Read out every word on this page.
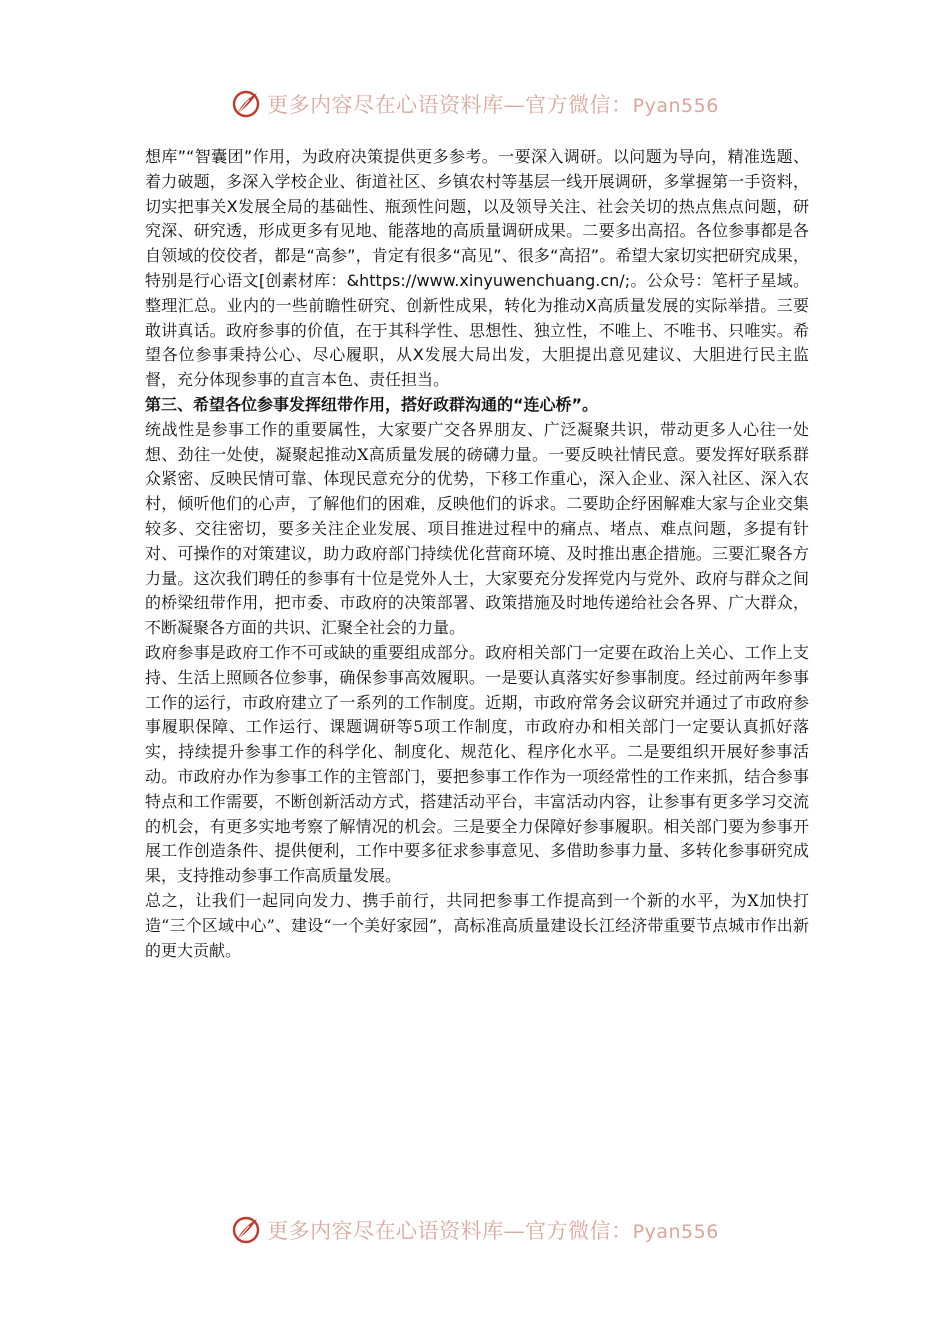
更多内容尽在心语资料库—官方微信：Pyan556

想库”“智囊团”作用，为政府决策提供更多参考。一要深入调研。以问题为导向，精准选题、着力破题，多深入学校企业、街道社区、乡镇农村等基层一线开展调研，多掌握第一手资料，切实把事关X发展全局的基础性、瓶颈性问题，以及领导关注、社会关切的热点焦点问题，研究深、研究透，形成更多有见地、能落地的高质量调研成果。二要多出高招。各位参事都是各自领域的佼佼者，都是“高参”，肯定有很多“高见”、很多“高招”。希望大家切实把研究成果，特别是行心语文[创素材库：&https://www.xinyuwenchuang.cn/;。公众号：笔杆子星域。整理汇总。业内的一些前瞻性研究、创新性成果，转化为推动X高质量发展的实际举措。三要敢讲真话。政府参事的价值，在于其科学性、思想性、独立性，不唯上、不唯书、只唯实。希望各位参事秉持公心、尽心履职，从X发展大局出发，大胆提出意见建议、大胆进行民主监督，充分体现参事的直言本色、责任担当。

第三、希望各位参事发挥纽带作用，搭好政群沟通的“连心桥”。

统战性是参事工作的重要属性，大家要广交各界朋友、广泛凝聚共识，带动更多人心往一处想、劲往一处使，凝聚起推动X高质量发展的磅礴力量。一要反映社情民意。要发挥好联系群众紧密、反映民情可靠、体现民意充分的优势，下移工作重心，深入企业、深入社区、深入农村，倾听他们的心声，了解他们的困难，反映他们的诉求。二要助企纾困解难大家与企业交集较多、交往密切，要多关注企业发展、项目推进过程中的痛点、堵点、难点问题，多提有针对、可操作的对策建议，助力政府部门持续优化营商环境、及时推出惠企措施。三要汇聚各方力量。这次我们聘任的参事有十位是党外人士，大家要充分发挥党内与党外、政府与群众之间的桥梁纽带作用，把市委、市政府的决策部署、政策措施及时地传递给社会各界、广大群众，不断凝聚各方面的共识、汇聚全社会的力量。

政府参事是政府工作不可或缺的重要组成部分。政府相关部门一定要在政治上关心、工作上支持、生活上照顾各位参事，确保参事高效履职。一是要认真落实好参事制度。经过前两年参事工作的运行，市政府建立了一系列的工作制度。近期，市政府常务会议研究并通过了市政府参事履职保障、工作运行、课题调研等5项工作制度，市政府办和相关部门一定要认真抓好落实，持续提升参事工作的科学化、制度化、规范化、程序化水平。二是要组织开展好参事活动。市政府办作为参事工作的主管部门，要把参事工作作为一项经常性的工作来抓，结合参事特点和工作需要，不断创新活动方式，搭建活动平台，丰富活动内容，让参事有更多学习交流的机会，有更多实地考察了解情况的机会。三是要全力保障好参事履职。相关部门要为参事开展工作创造条件、提供便利，工作中要多征求参事意见、多借助参事力量、多转化参事研究成果，支持推动参事工作高质量发展。

总之，让我们一起同向发力、携手前行，共同把参事工作提高到一个新的水平，为X加快打造“三个区域中心”、建设“一个美好家园”，高标准高质量建设长江经济带重要节点城市作出新的更大贡献。

更多内容尽在心语资料库—官方微信：Pyan556
